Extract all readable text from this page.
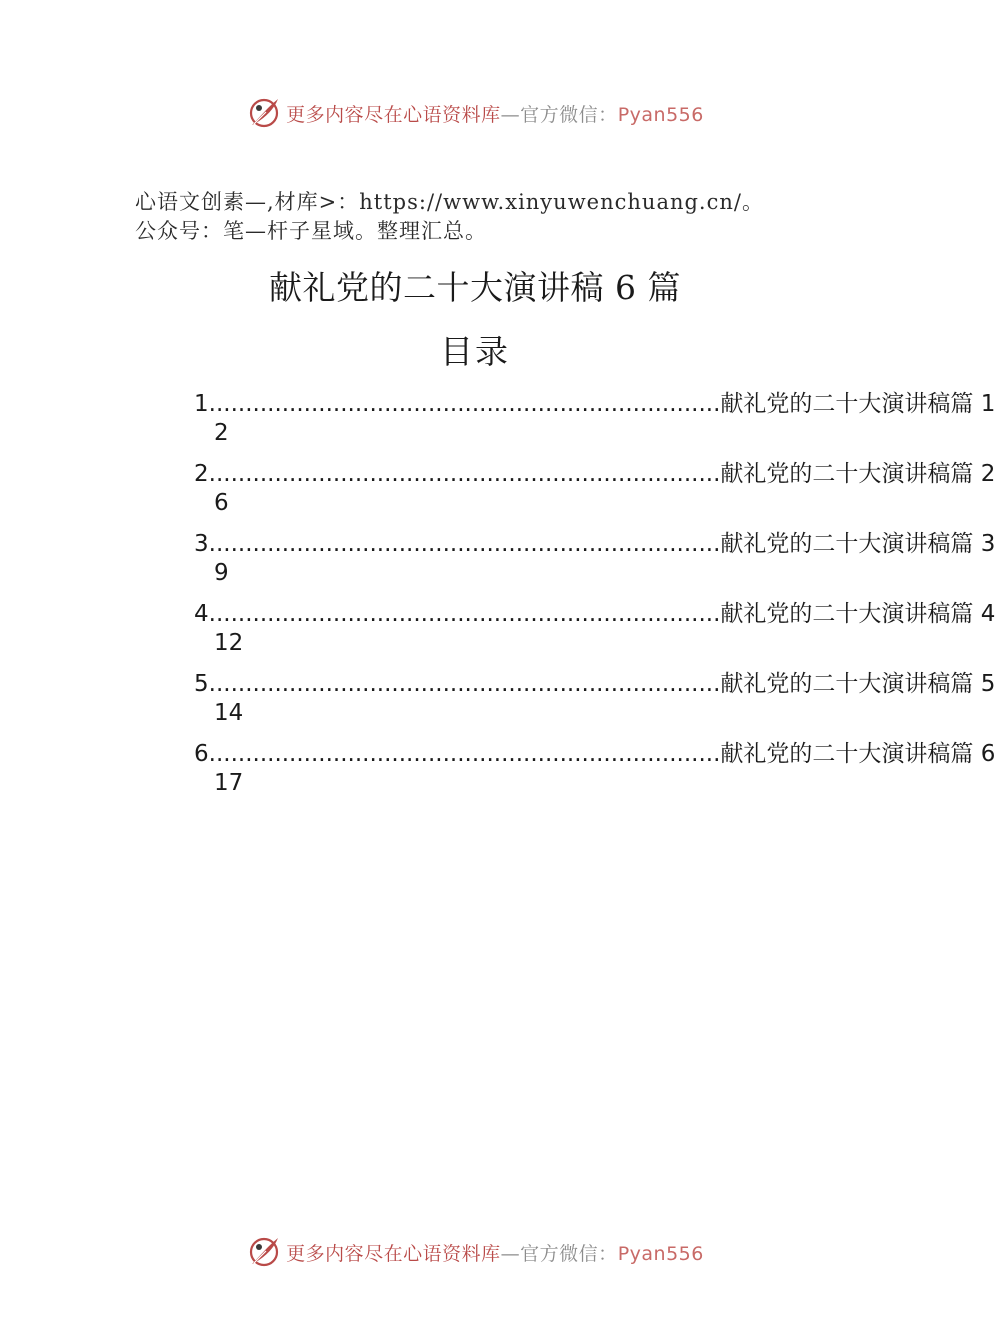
更多内容尽在心语资料库—官方微信：Pyan556
心语文创素—,材库>：https://www.xinyuwenchuang.cn/。
公众号：笔—杆子星域。整理汇总。
献礼党的二十大演讲稿 6 篇
目录
1 ...................................................................... 献礼党的二十大演讲稿篇 1
2
2 ...................................................................... 献礼党的二十大演讲稿篇 2
6
3 ...................................................................... 献礼党的二十大演讲稿篇 3
9
4 ...................................................................... 献礼党的二十大演讲稿篇 4
12
5 ...................................................................... 献礼党的二十大演讲稿篇 5
14
6 ...................................................................... 献礼党的二十大演讲稿篇 6
17
更多内容尽在心语资料库—官方微信：Pyan556
